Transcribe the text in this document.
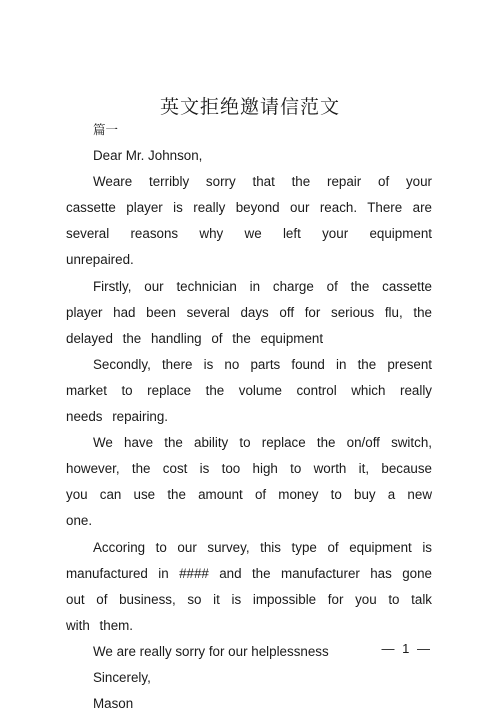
英文拒绝邀请信范文

篇一

Dear Mr. Johnson,

Weare terribly sorry that the repair of your cassette player is really beyond our reach. There are several reasons why we left your equipment unrepaired.

Firstly, our technician in charge of the cassette player had been several days off for serious flu, the delayed the handling of the equipment

Secondly, there is no parts found in the present market to replace the volume control which really needs repairing.

We have the ability to replace the on/off switch, however, the cost is too high to worth it, because you can use the amount of money to buy a new one.

Accoring to our survey, this type of equipment is manufactured in #### and the manufacturer has gone out of business, so it is impossible for you to talk with them.

We are really sorry for our helplessness

Sincerely,

Mason

— 1 —
